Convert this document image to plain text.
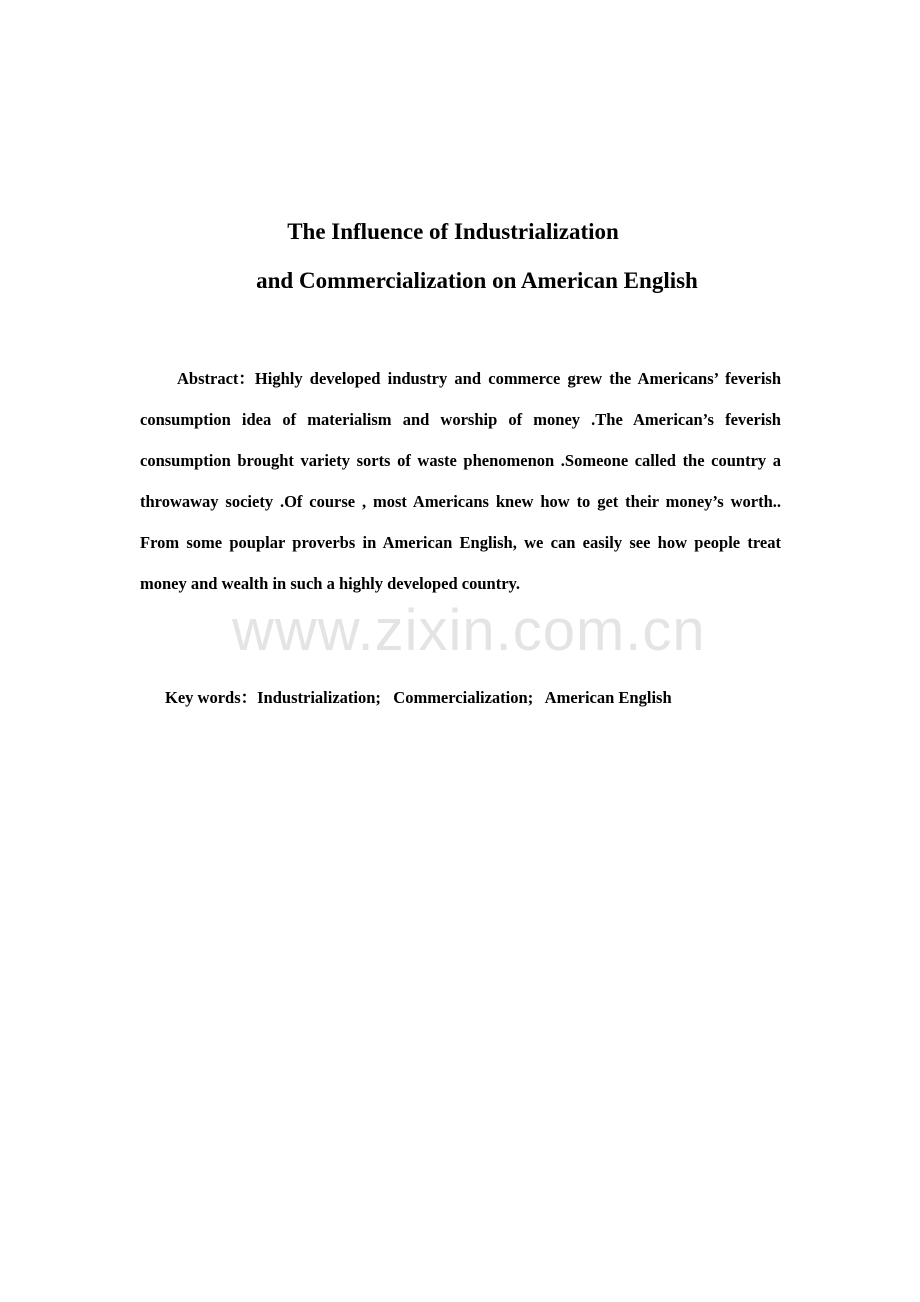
The Influence of Industrialization
and Commercialization on American English

Abstract：Highly developed industry and commerce grew the Americans’ feverish consumption idea of materialism and worship of money .The American’s feverish consumption brought variety sorts of waste phenomenon .Someone called the country a throwaway society .Of course , most Americans knew how to get their money’s worth.. From some pouplar proverbs in American English, we can easily see how people treat money and wealth in such a highly developed country.

Key words：Industrialization; Commercialization; American English

www.zixin.com.cn
